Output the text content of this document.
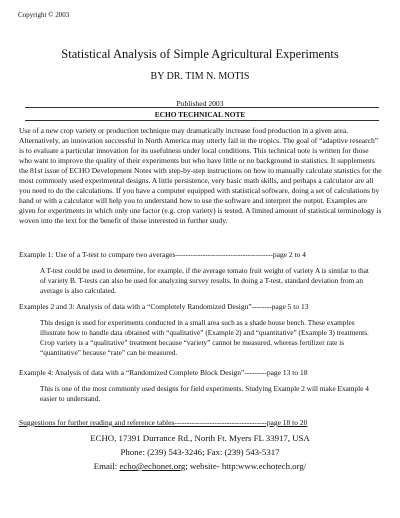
Copyright © 2003
Statistical Analysis of Simple Agricultural Experiments
BY DR. TIM N. MOTIS
Published 2003
ECHO TECHNICAL NOTE
Use of a new crop variety or production technique may dramatically increase food production in a given area. Alternatively, an innovation successful in North America may utterly fail in the tropics. The goal of “adaptive research” is to evaluate a particular innovation for its usefulness under local conditions. This technical note is written for those who want to improve the quality of their experiments but who have little or no background in statistics. It supplements the 81st issue of ECHO Development Notes with step-by-step instructions on how to manually calculate statistics for the most commonly used experimental designs. A little persistence, very basic math skills, and perhaps a calculator are all you need to do the calculations. If you have a computer equipped with statistical software, doing a set of calculations by hand or with a calculator will help you to understand how to use the software and interpret the output. Examples are given for experiments in which only one factor (e.g. crop variety) is tested. A limited amount of statistical terminology is woven into the text for the benefit of those interested in further study.
Example 1: Use of a T-test to compare two averages---------------------------------------page 2 to 4
A T-test could be used to determine, for example, if the average tomato fruit weight of variety A is similar to that of variety B. T-tests can also be used for analyzing survey results. In doing a T-test, standard deviation from an average is also calculated.
Examples 2 and 3: Analysis of data with a “Completely Randomized Design”--------page 5 to 13
This design is used for experiments conducted in a small area such as a shade house bench. These examples illustrate how to handle data obtained with “qualitative” (Example 2) and “quantitative” (Example 3) treatments. Crop variety is a “qualitative” treatment because “variety” cannot be measured, whereas fertilizer rate is “quantitative” because “rate” can be measured.
Example 4: Analysis of data with a “Randomized Complete Block Design”---------page 13 to 18
This is one of the most commonly used designs for field experiments. Studying Example 2 will make Example 4 easier to understand.
Suggestions for further reading and reference tables-------------------------------------page 18 to 20
ECHO, 17391 Durrance Rd., North Ft. Myers FL 33917, USA
Phone: (239) 543-3246; Fax: (239) 543-5317
Email: echo@echonet.org; website- http:www.echotech.org/
